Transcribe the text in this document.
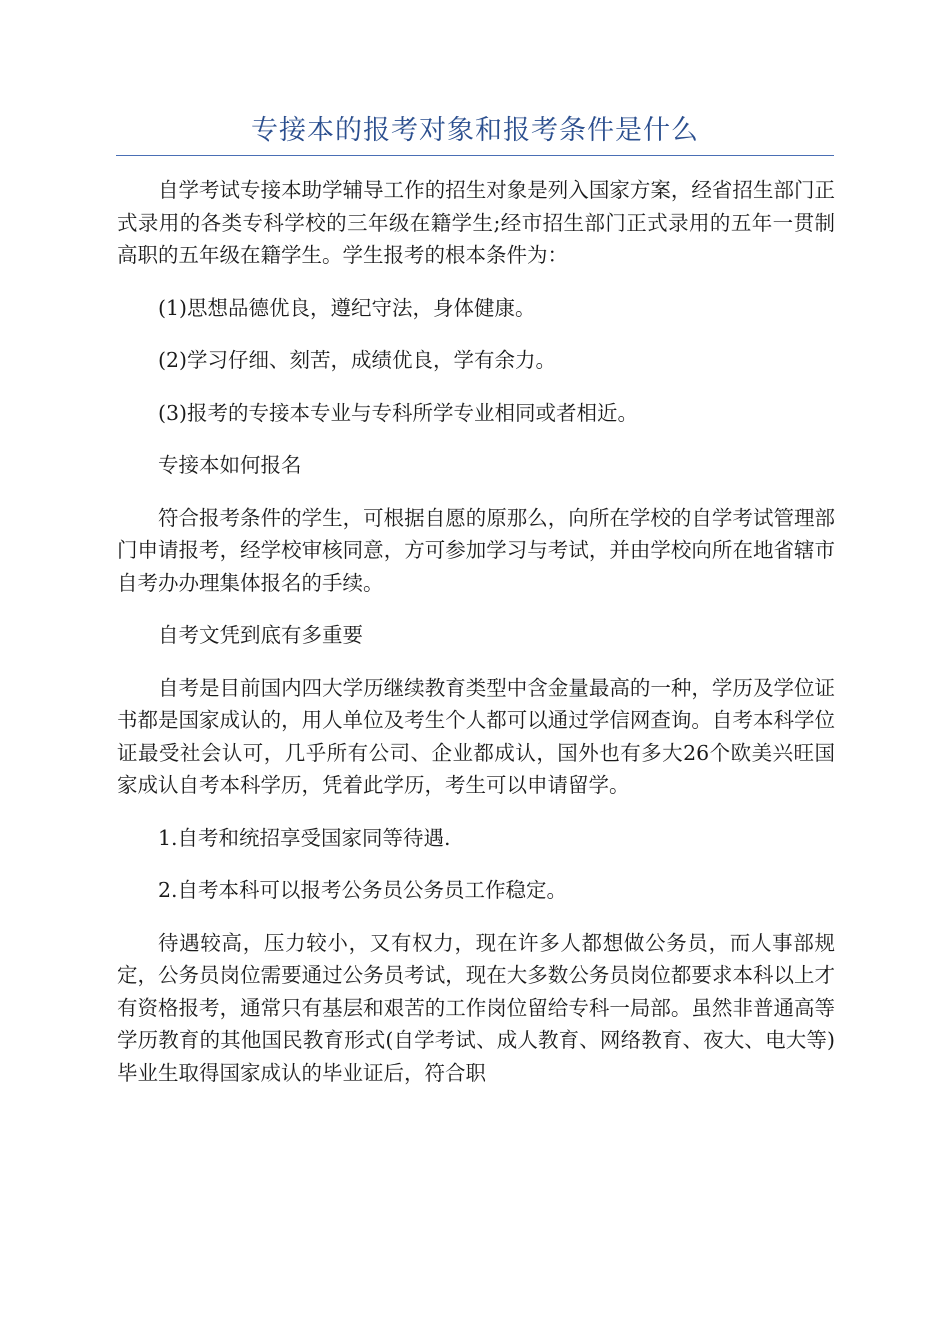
专接本的报考对象和报考条件是什么

自学考试专接本助学辅导工作的招生对象是列入国家方案，经省招生部门正式录用的各类专科学校的三年级在籍学生;经市招生部门正式录用的五年一贯制高职的五年级在籍学生。学生报考的根本条件为：

(1)思想品德优良，遵纪守法，身体健康。

(2)学习仔细、刻苦，成绩优良，学有余力。

(3)报考的专接本专业与专科所学专业相同或者相近。

专接本如何报名

符合报考条件的学生，可根据自愿的原那么，向所在学校的自学考试管理部门申请报考，经学校审核同意，方可参加学习与考试，并由学校向所在地省辖市自考办办理集体报名的手续。

自考文凭到底有多重要

自考是目前国内四大学历继续教育类型中含金量最高的一种，学历及学位证书都是国家成认的，用人单位及考生个人都可以通过学信网查询。自考本科学位证最受社会认可，几乎所有公司、企业都成认，国外也有多大26个欧美兴旺国家成认自考本科学历，凭着此学历，考生可以申请留学。

1.自考和统招享受国家同等待遇.

2.自考本科可以报考公务员公务员工作稳定。

待遇较高，压力较小，又有权力，现在许多人都想做公务员，而人事部规定，公务员岗位需要通过公务员考试，现在大多数公务员岗位都要求本科以上才有资格报考，通常只有基层和艰苦的工作岗位留给专科一局部。虽然非普通高等学历教育的其他国民教育形式(自学考试、成人教育、网络教育、夜大、电大等)毕业生取得国家成认的毕业证后，符合职
